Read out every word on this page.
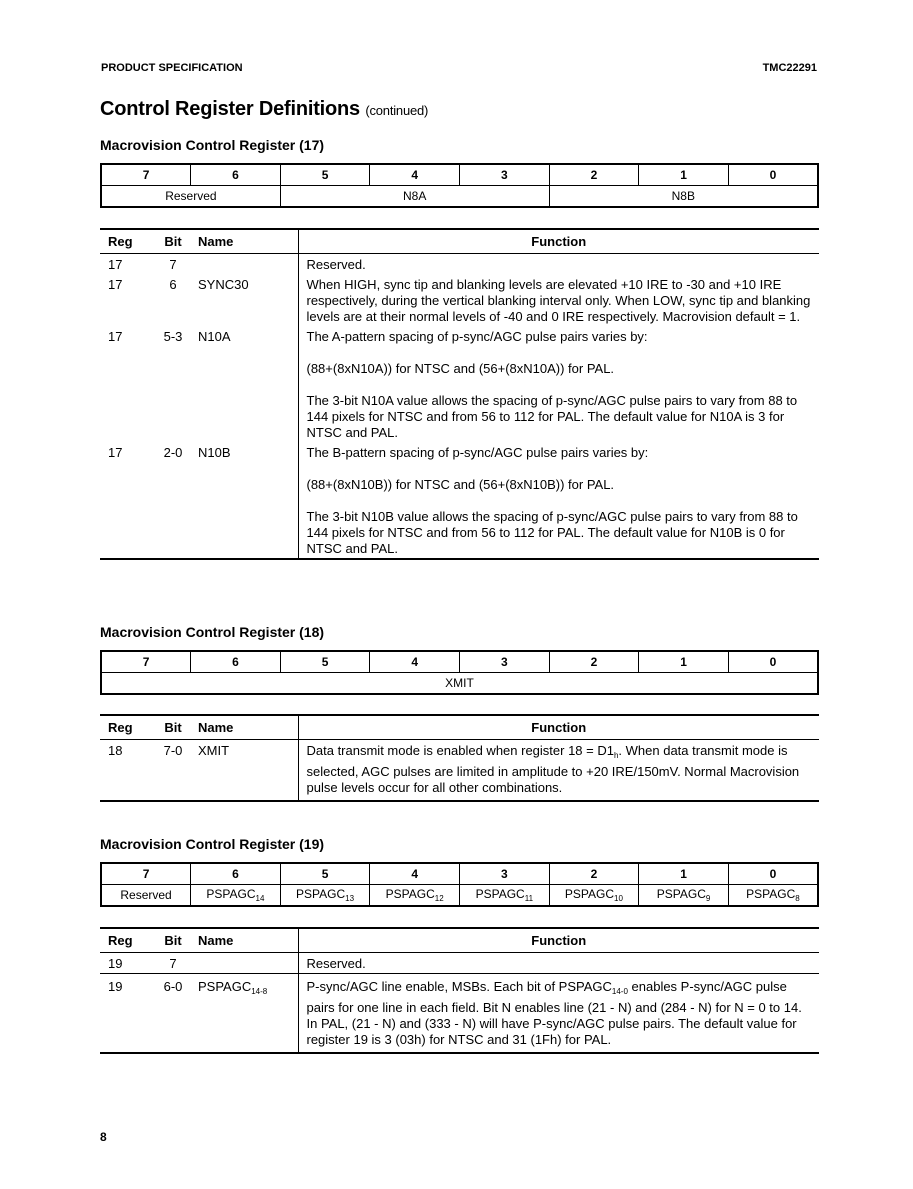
PRODUCT SPECIFICATION	TMC22291
Control Register Definitions (continued)
Macrovision Control Register (17)
7	6	5	4	3	2	1	0
Reserved		N8A			N8B		
Reg	Bit	Name	Function
17	7		Reserved.

17	6	SYNC30	When HIGH, sync tip and blanking levels are elevated +10 IRE to -30 and +10 IRE respectively, during the vertical blanking interval only. When LOW, sync tip and blanking levels are at their normal levels of -40 and 0 IRE respectively. Macrovision default = 1.

17	5-3	N10A	The A-pattern spacing of p-sync/AGC pulse pairs varies by:

(88+(8xN10A)) for NTSC and (56+(8xN10A)) for PAL.

The 3-bit N10A value allows the spacing of p-sync/AGC pulse pairs to vary from 88 to 144 pixels for NTSC and from 56 to 112 for PAL. The default value for N10A is 3 for NTSC and PAL.

17	2-0	N10B	The B-pattern spacing of p-sync/AGC pulse pairs varies by:

(88+(8xN10B)) for NTSC and (56+(8xN10B)) for PAL.

The 3-bit N10B value allows the spacing of p-sync/AGC pulse pairs to vary from 88 to 144 pixels for NTSC and from 56 to 112 for PAL. The default value for N10B is 0 for NTSC and PAL.

Macrovision Control Register (18)
7	6	5	4	3	2	1	0
XMIT
Reg	Bit	Name	Function
18	7-0	XMIT	Data transmit mode is enabled when register $18 = D1_h$. When data transmit mode is selected, AGC pulses are limited in amplitude to +20 IRE/150mV. Normal Macrovision pulse levels occur for all other combinations.
Macrovision Control Register (19)
7	6	5	4	3	2	1	0
Reserved	$PSPAGC_{14}$	$PSPAGC_{13}$	$PSPAGC_{12}$	$PSPAGC_{11}$	$PSPAGC_{10}$	$PSPAGC_9$	$PSPAGC_8$
Reg	Bit	Name	Function
19	7		Reserved.
19	6-0	$PSPAGC_{14-8}$	P-sync/AGC line enable, MSBs. Each bit of $PSPAGC_{14-0}$ enables P-sync/AGC pulse pairs for one line in each field. Bit N enables line (21 - N) and (284 - N) for N = 0 to 14. In PAL, (21 - N) and (333 - N) will have P-sync/AGC pulse pairs. The default value for register 19 is 3 (03h) for NTSC and 31 (1Fh) for PAL.
8
